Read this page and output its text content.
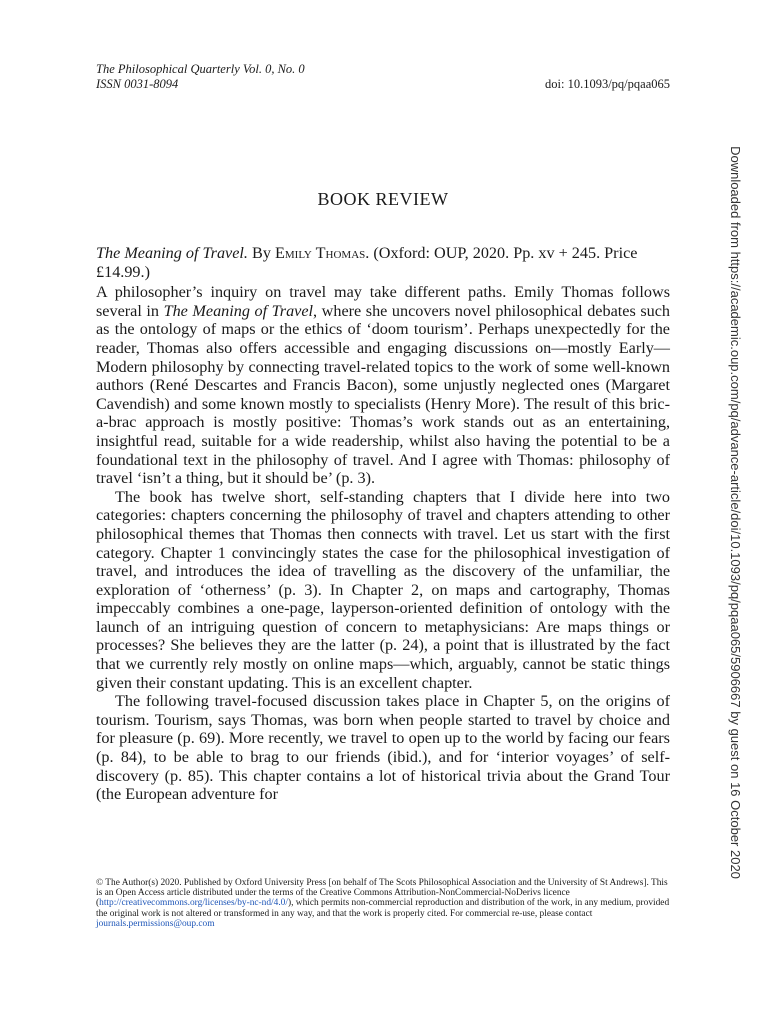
The Philosophical Quarterly Vol. 0, No. 0
ISSN 0031-8094	doi: 10.1093/pq/pqaa065
BOOK REVIEW

The Meaning of Travel. By Emily Thomas. (Oxford: OUP, 2020. Pp. xv + 245. Price £14.99.)

A philosopher’s inquiry on travel may take different paths. Emily Thomas follows several in The Meaning of Travel, where she uncovers novel philosophical debates such as the ontology of maps or the ethics of ‘doom tourism’. Perhaps unexpectedly for the reader, Thomas also offers accessible and engaging discussions on—mostly Early—Modern philosophy by connecting travel-related topics to the work of some well-known authors (René Descartes and Francis Bacon), some unjustly neglected ones (Margaret Cavendish) and some known mostly to specialists (Henry More). The result of this bric-a-brac approach is mostly positive: Thomas’s work stands out as an entertaining, insightful read, suitable for a wide readership, whilst also having the potential to be a foundational text in the philosophy of travel. And I agree with Thomas: philosophy of travel ‘isn’t a thing, but it should be’ (p. 3).

The book has twelve short, self-standing chapters that I divide here into two categories: chapters concerning the philosophy of travel and chapters attending to other philosophical themes that Thomas then connects with travel. Let us start with the first category. Chapter 1 convincingly states the case for the philosophical investigation of travel, and introduces the idea of travelling as the discovery of the unfamiliar, the exploration of ‘otherness’ (p. 3). In Chapter 2, on maps and cartography, Thomas impeccably combines a one-page, layperson-oriented definition of ontology with the launch of an intriguing question of concern to metaphysicians: Are maps things or processes? She believes they are the latter (p. 24), a point that is illustrated by the fact that we currently rely mostly on online maps—which, arguably, cannot be static things given their constant updating. This is an excellent chapter.

The following travel-focused discussion takes place in Chapter 5, on the origins of tourism. Tourism, says Thomas, was born when people started to travel by choice and for pleasure (p. 69). More recently, we travel to open up to the world by facing our fears (p. 84), to be able to brag to our friends (ibid.), and for ‘interior voyages’ of self-discovery (p. 85). This chapter contains a lot of historical trivia about the Grand Tour (the European adventure for

© The Author(s) 2020. Published by Oxford University Press [on behalf of The Scots Philosophical Association and the University of St Andrews]. This is an Open Access article distributed under the terms of the Creative Commons Attribution-NonCommercial-NoDerivs licence (http://creativecommons.org/licenses/by-nc-nd/4.0/), which permits non-commercial reproduction and distribution of the work, in any medium, provided the original work is not altered or transformed in any way, and that the work is properly cited. For commercial re-use, please contact journals.permissions@oup.com
Downloaded from https://academic.oup.com/pq/advance-article/doi/10.1093/pq/pqaa065/5906667 by guest on 16 October 2020
